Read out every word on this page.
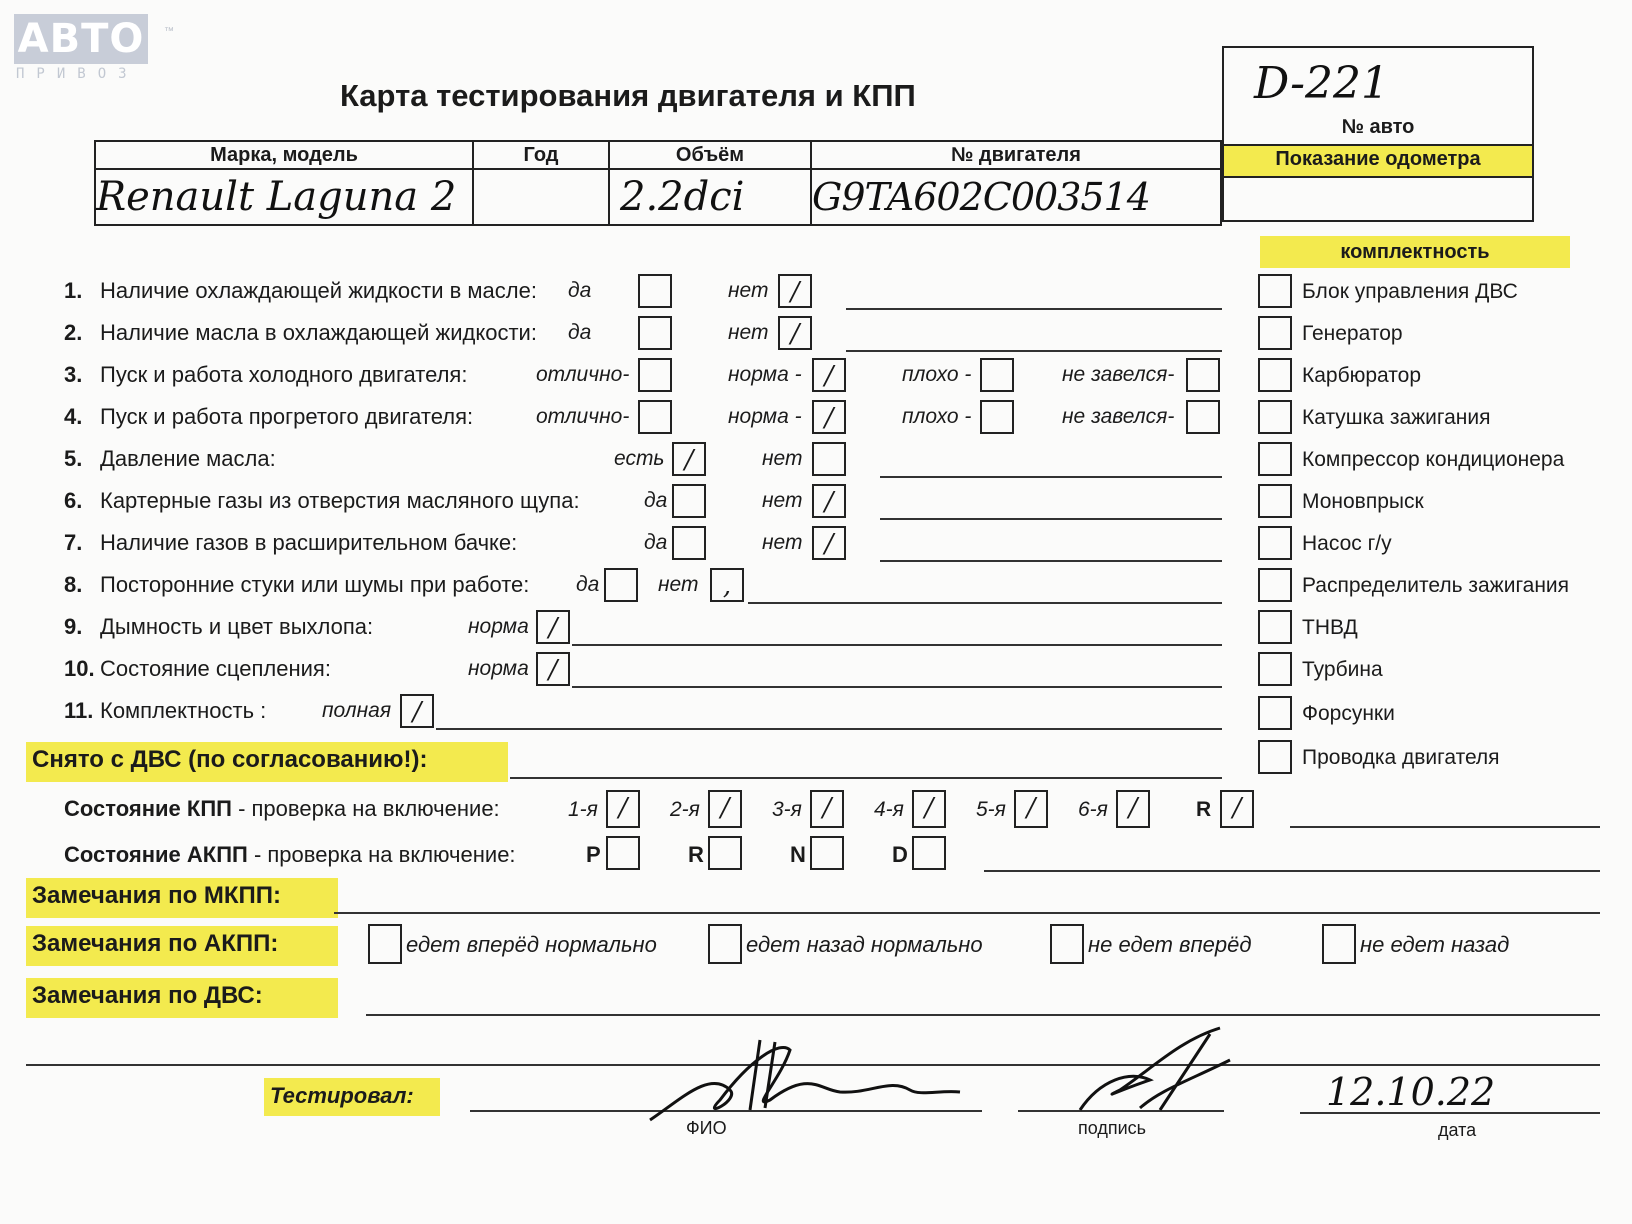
АВТО
ПРИВОЗ
™
Карта тестирования двигателя и КПП
Марка, модель	Год	Объём	№ двигателя
Renault Laguna 2		2.2dci	G9TA602C003514
D-221
№ авто
Показание одометра
комплектность
Блок управления ДВС
Генератор
Карбюратор
Катушка зажигания
Компрессор кондиционера
Моновпрыск
Насос г/у
Распределитель зажигания
ТНВД
Турбина
Форсунки
Проводка двигателя
1. Наличие охлаждающей жидкости в масле: да	нет /
2. Наличие масла в охлаждающей жидкости: да	нет /
3. Пуск и работа холодного двигателя:	отлично-	норма - /	плохо -	не завелся-
4. Пуск и работа прогретого двигателя:	отлично-	норма - /	плохо -	не завелся-
5. Давление масла:	есть /	нет
6. Картерные газы из отверстия масляного щупа:	да	нет /
7. Наличие газов в расширительном бачке:	да	нет /
8. Посторонние стуки или шумы при работе: да	нет ,
9. Дымность и цвет выхлопа:	норма /
10. Состояние сцепления:	норма /
11. Комплектность :	полная /
Снято с ДВС (по согласованию!):
Состояние КПП - проверка на включение:	1-я /	2-я /	3-я /	4-я /	5-я /	6-я /	R /
Состояние АКПП - проверка на включение:	P	R	N	D
Замечания по МКПП:
Замечания по АКПП:	едет вперёд нормально	едет назад нормально	не едет вперёд	не едет назад
Замечания по ДВС:
Тестировал:
ФИО	подпись
12.10.22
дата
